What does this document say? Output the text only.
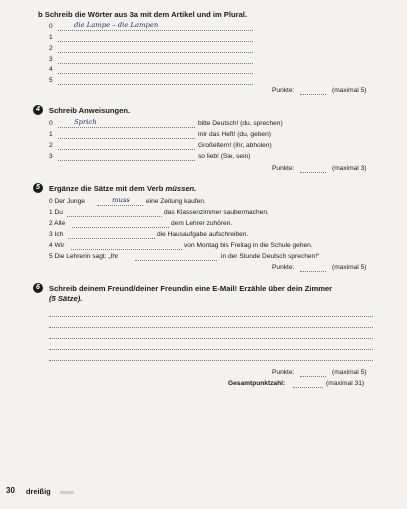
b Schreib die Wörter aus 3a mit dem Artikel und im Plural.
0	die Lampe – die Lampen
1
2
3
4
5
Punkte:	(maximal 5)
4	Schreib Anweisungen.
0	Sprich	bitte Deutsch! (du, sprechen)
1	mir das Heft! (du, geben)
2	Großeltern! (ihr, abholen)
3	so lieb! (Sie, sein)
Punkte:	(maximal 3)
5	Ergänze die Sätze mit dem Verb müssen.
0 Der Junge	muss eine Zeitung kaufen.
1 Du	das Klassenzimmer saubermachen.
2 Alle	dem Lehrer zuhören.
3 Ich	die Hausaufgabe aufschreiben.
4 Wir	von Montag bis Freitag in die Schule gehen.
5 Die Lehrerin sagt: „Ihr	in der Stunde Deutsch sprechen!“
Punkte:	(maximal 5)
6	Schreib deinem Freund/deiner Freundin eine E-Mail! Erzähle über dein Zimmer
(5 Sätze).
Punkte:	(maximal 5)
Gesamtpunktzahl:	(maximal 31)
30 dreißig
